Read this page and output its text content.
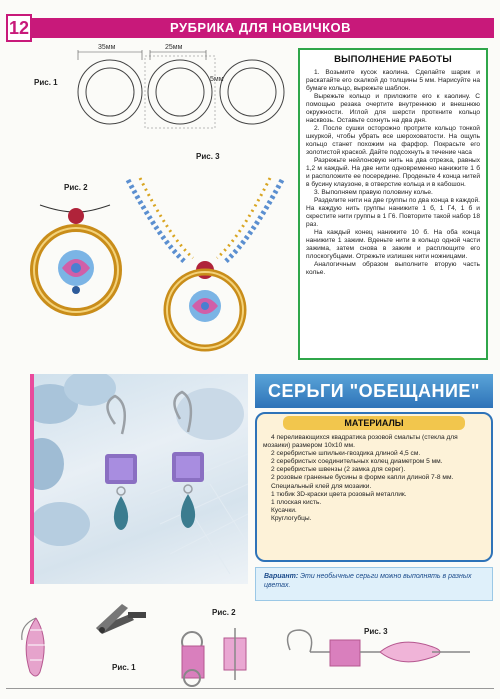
12	РУБРИКА ДЛЯ НОВИЧКОВ
Рис. 1
35мм	25мм
5мм
Рис. 2
Рис. 3
ВЫПОЛНЕНИЕ РАБОТЫ

1. Возьмите кусок каолина. Сделайте шарик и раскатайте его скалкой до толщины 5 мм. Нарисуйте на бумаге кольцо, вырежьте шаблон.

Вырежьте кольцо и приложите его к каолину. С помощью резака очертите внутреннюю и внешнюю окружности. Иглой для шерсти проткните кольцо насквозь. Оставьте сохнуть на два дня.

2. После сушки осторожно протрите кольцо тонкой шкуркой, чтобы убрать все шероховатости. На ощупь кольцо станет похожим на фарфор. Покрасьте его золотистой краской. Дайте подсохнуть в течение часа

Разрежьте нейлоновую нить на два отрезка, равных 1,2 м каждый. На две нити одновременно нанижите 1 б и расположите ее посередине. Проденьте 4 конца нитей в бусину клаузоне, в отверстие кольца и в кабошон.

3. Выполняем правую половину колье.

Разделите нити на две группы по два конца в каждой. На каждую нить группы нанижите 1 б, 1 Г4, 1 б и скрестите нити группы в 1 Г6. Повторите такой набор 18 раз.

На каждый конец нанижите 10 б. На оба конца нанижите 1 зажим. Вденьте нити в кольцо одной части зажима, затем снова в зажим и расплющите его плоскогубцами. Отрежьте излишек нити ножницами.

Аналогичным образом выполните вторую часть колье.

СЕРЬГИ "ОБЕЩАНИЕ"
МАТЕРИАЛЫ

4 переливающихся квадратика розовой смальты (стекла для мозаики) размером 10х10 мм.

2 серебристые шпильки-гвоздика длиной 4,5 см.

2 серебристых соединительных колец диаметром 5 мм.

2 серебристые швензы (2 замка для серег).

2 розовые граненые бусины в форме капли длиной 7-8 мм.

Специальный клей для мозаики.

1 тюбик 3D-краски цвета розовый металлик.

1 плоская кисть.

Кусачки.

Круглогубцы.

Вариант: Эти необычные серьги можно выполнять в разных цветах.
Рис. 1
Рис. 2
Рис. 3
